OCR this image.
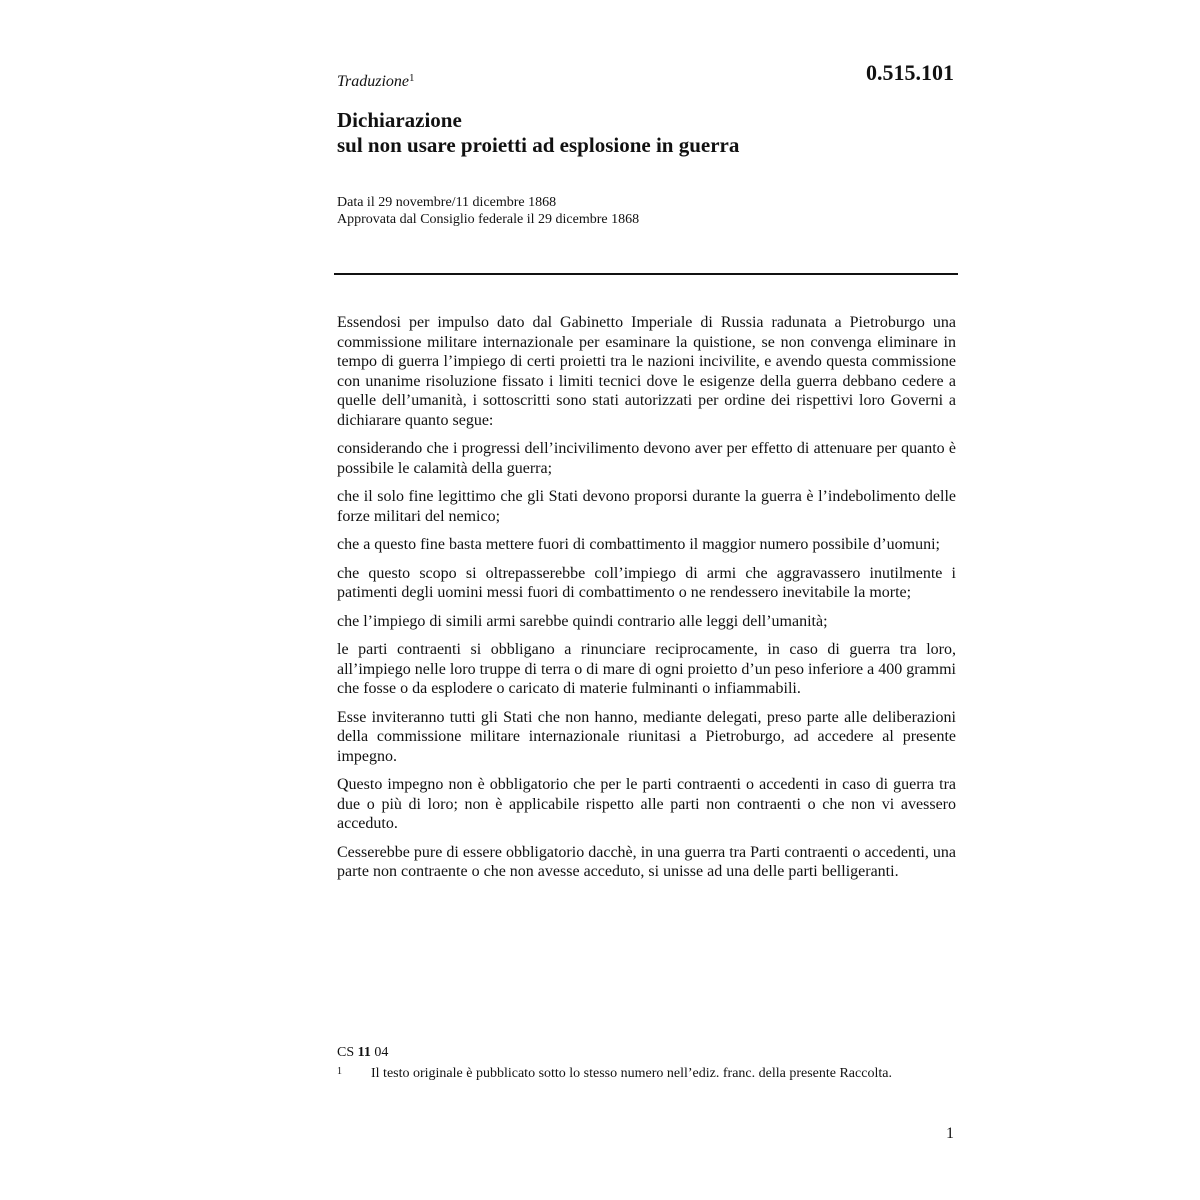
Traduzione$^1$	0.515.101
Dichiarazione
sul non usare proietti ad esplosione in guerra
Data il 29 novembre/11 dicembre 1868
Approvata dal Consiglio federale il 29 dicembre 1868

Essendosi per impulso dato dal Gabinetto Imperiale di Russia radunata a Pietroburgo una commissione militare internazionale per esaminare la quistione, se non convenga eliminare in tempo di guerra l’impiego di certi proietti tra le nazioni incivilite, e avendo questa commissione con unanime risoluzione fissato i limiti tecnici dove le esigenze della guerra debbano cedere a quelle dell’umanità, i sottoscritti sono stati autorizzati per ordine dei rispettivi loro Governi a dichiarare quanto segue:

considerando che i progressi dell’incivilimento devono aver per effetto di attenuare per quanto è possibile le calamità della guerra;

che il solo fine legittimo che gli Stati devono proporsi durante la guerra è l’indebolimento delle forze militari del nemico;

che a questo fine basta mettere fuori di combattimento il maggior numero possibile d’uomuni;

che questo scopo si oltrepasserebbe coll’impiego di armi che aggravassero inutilmente i patimenti degli uomini messi fuori di combattimento o ne rendessero inevitabile la morte;

che l’impiego di simili armi sarebbe quindi contrario alle leggi dell’umanità;

le parti contraenti si obbligano a rinunciare reciprocamente, in caso di guerra tra loro, all’impiego nelle loro truppe di terra o di mare di ogni proietto d’un peso inferiore a 400 grammi che fosse o da esplodere o caricato di materie fulminanti o infiammabili.

Esse inviteranno tutti gli Stati che non hanno, mediante delegati, preso parte alle deliberazioni della commissione militare internazionale riunitasi a Pietroburgo, ad accedere al presente impegno.

Questo impegno non è obbligatorio che per le parti contraenti o accedenti in caso di guerra tra due o più di loro; non è applicabile rispetto alle parti non contraenti o che non vi avessero acceduto.

Cesserebbe pure di essere obbligatorio dacchè, in una guerra tra Parti contraenti o accedenti, una parte non contraente o che non avesse acceduto, si unisse ad una delle parti belligeranti.

CS 11 04
1 Il testo originale è pubblicato sotto lo stesso numero nell’ediz. franc. della presente Raccolta.
1
